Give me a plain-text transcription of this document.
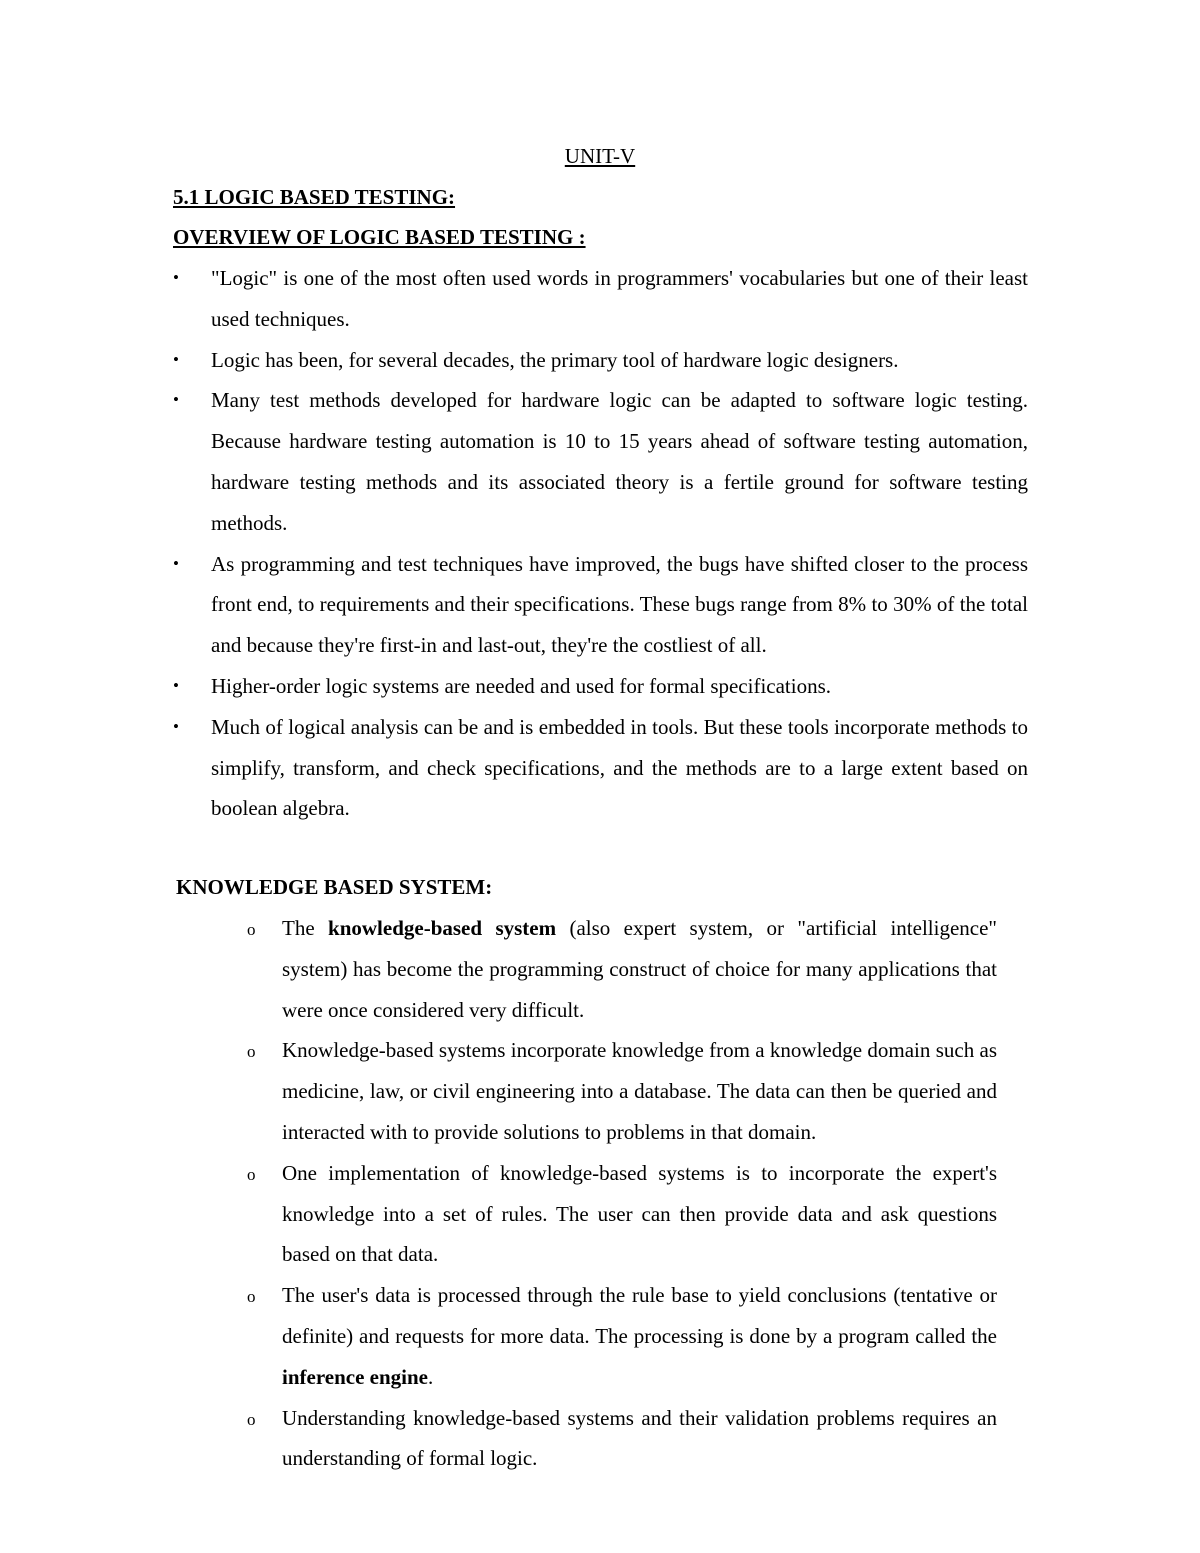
UNIT-V
5.1 LOGIC BASED TESTING:
OVERVIEW OF LOGIC BASED TESTING :
• "Logic" is one of the most often used words in programmers' vocabularies but one of their least used techniques.
• Logic has been, for several decades, the primary tool of hardware logic designers.
• Many test methods developed for hardware logic can be adapted to software logic testing. Because hardware testing automation is 10 to 15 years ahead of software testing automation, hardware testing methods and its associated theory is a fertile ground for software testing methods.
• As programming and test techniques have improved, the bugs have shifted closer to the process front end, to requirements and their specifications. These bugs range from 8% to 30% of the total and because they're first-in and last-out, they're the costliest of all.
• Higher-order logic systems are needed and used for formal specifications.
• Much of logical analysis can be and is embedded in tools. But these tools incorporate methods to simplify, transform, and check specifications, and the methods are to a large extent based on boolean algebra.
KNOWLEDGE BASED SYSTEM:
o The knowledge-based system (also expert system, or "artificial intelligence" system) has become the programming construct of choice for many applications that were once considered very difficult.
o Knowledge-based systems incorporate knowledge from a knowledge domain such as medicine, law, or civil engineering into a database. The data can then be queried and interacted with to provide solutions to problems in that domain.
o One implementation of knowledge-based systems is to incorporate the expert's knowledge into a set of rules. The user can then provide data and ask questions based on that data.
o The user's data is processed through the rule base to yield conclusions (tentative or definite) and requests for more data. The processing is done by a program called the inference engine.
o Understanding knowledge-based systems and their validation problems requires an understanding of formal logic.
